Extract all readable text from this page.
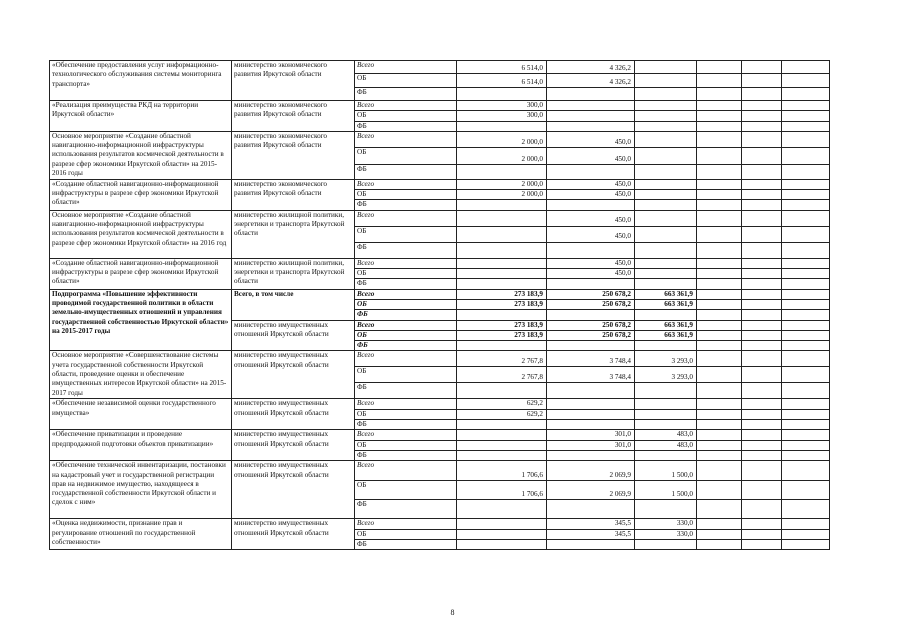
«Обеспечение предоставления услуг информационно-технологического обслуживания системы мониторинга транспорта»	министерство экономического развития Иркутской области	Всего	6 514,0	4 326,2				
		ОБ	6 514,0	4 326,2				
		ФБ						
«Реализация преимущества РКД на территории Иркутской области»	министерство экономического развития Иркутской области	Всего	300,0					
		ОБ	300,0					
		ФБ						
Основное мероприятие «Создание областной навигационно-информационной инфраструктуры использования результатов космической деятельности в разрезе сфер экономики Иркутской области» на 2015-2016 годы	министерство экономического развития Иркутской области	Всего	2 000,0	450,0				
		ОБ	2 000,0	450,0				
		ФБ						
«Создание областной навигационно-информационной инфраструктуры в разрезе сфер экономики Иркутской области»	министерство экономического развития Иркутской области	Всего	2 000,0	450,0				
		ОБ	2 000,0	450,0				
		ФБ						
Основное мероприятие «Создание областной навигационно-информационной инфраструктуры использования результатов космической деятельности в разрезе сфер экономики Иркутской области» на 2016 год	министерство жилищной политики, энергетики и транспорта Иркутской области	Всего		450,0				
		ОБ		450,0				
		ФБ						
«Создание областной навигационно-информационной инфраструктуры в разрезе сфер экономики Иркутской области»	министерство жилищной политики, энергетики и транспорта Иркутской области	Всего		450,0				
		ОБ		450,0				
		ФБ						
Подпрограмма «Повышение эффективности проводимой государственной политики в области земельно-имущественных отношений и управления государственной собственностью Иркутской области» на 2015-2017 годы	Всего, в том числе	Всего	273 183,9	250 678,2	663 361,9			
		ОБ	273 183,9	250 678,2	663 361,9			
		ФБ						
	министерство имущественных отношений Иркутской области	Всего	273 183,9	250 678,2	663 361,9			
		ОБ	273 183,9	250 678,2	663 361,9			
		ФБ						
Основное мероприятие «Совершенствование системы учета государственной собственности Иркутской области, проведение оценки и обеспечение имущественных интересов Иркутской области» на 2015-2017 годы	министерство имущественных отношений Иркутской области	Всего	2 767,8	3 748,4	3 293,0			
		ОБ	2 767,8	3 748,4	3 293,0			
		ФБ						
«Обеспечение независимой оценки государственного имущества»	министерство имущественных отношений Иркутской области	Всего	629,2					
		ОБ	629,2					
		ФБ						
«Обеспечение приватизации и проведение предпродажной подготовки объектов приватизации»	министерство имущественных отношений Иркутской области	Всего		301,0	483,0			
		ОБ		301,0	483,0			
		ФБ						
«Обеспечение технической инвентаризации, постановки на кадастровый учет и государственной регистрации прав на недвижимое имущество, находящееся в государственной собственности Иркутской области и сделок с ним»	министерство имущественных отношений Иркутской области	Всего	1 706,6	2 069,9	1 500,0			
		ОБ	1 706,6	2 069,9	1 500,0			
		ФБ						
«Оценка недвижимости, признание прав и регулирование отношений по государственной собственности»	министерство имущественных отношений Иркутской области	Всего		345,5	330,0			
		ОБ		345,5	330,0			
		ФБ						
8
